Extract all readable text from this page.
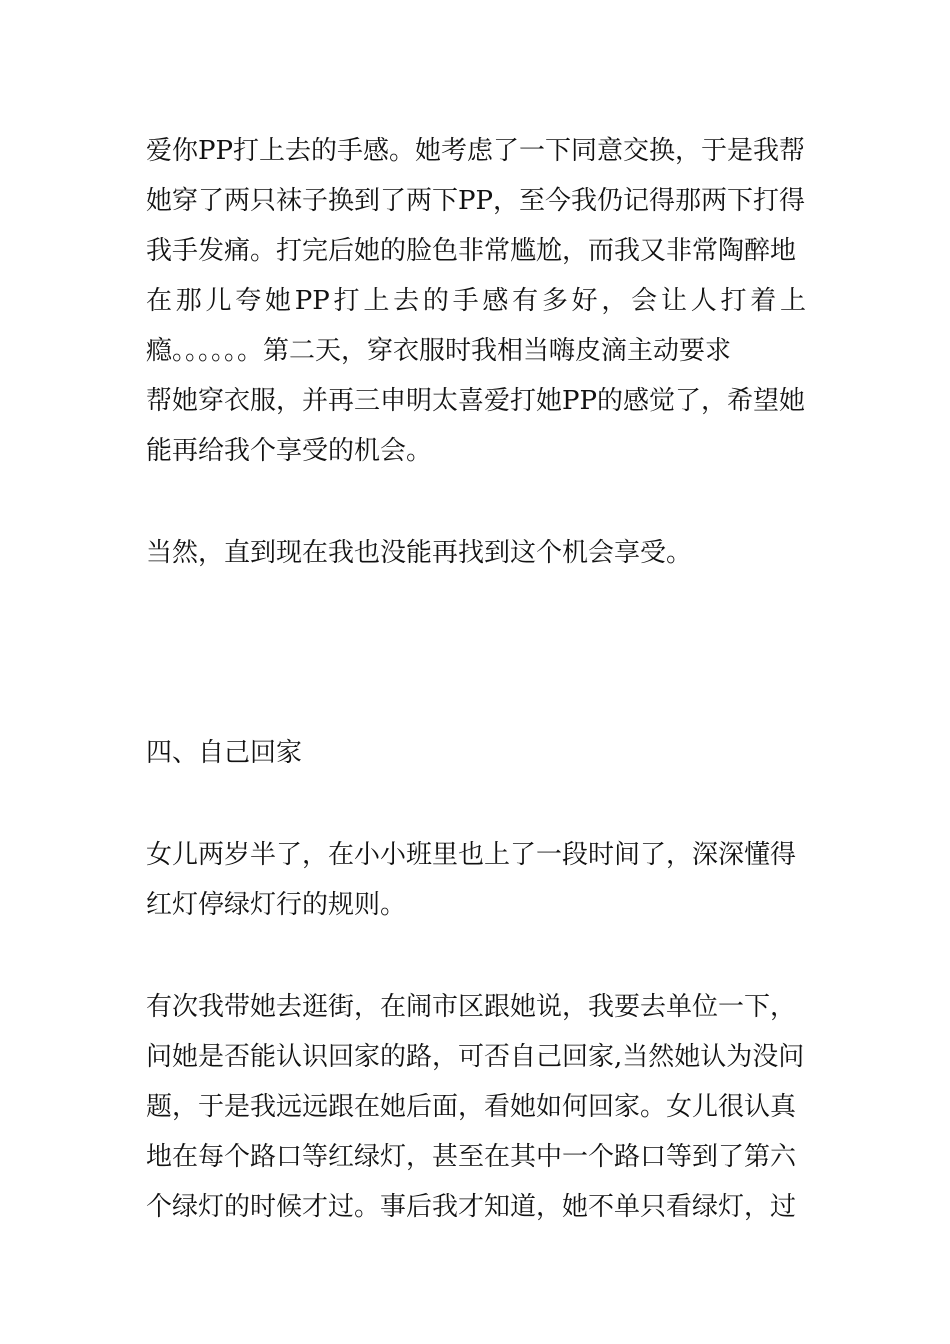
爱你PP打上去的手感。她考虑了一下同意交换，于是我帮
她穿了两只袜子换到了两下PP，至今我仍记得那两下打得
我手发痛。打完后她的脸色非常尴尬，而我又非常陶醉地
在那儿夸她PP打上去的手感有多好，会让人打着上
瘾。。。。。。第二天，穿衣服时我相当嗨皮滴主动要求
帮她穿衣服，并再三申明太喜爱打她PP的感觉了，希望她
能再给我个享受的机会。

当然，直到现在我也没能再找到这个机会享受。

四、自己回家

女儿两岁半了，在小小班里也上了一段时间了，深深懂得
红灯停绿灯行的规则。

有次我带她去逛街，在闹市区跟她说，我要去单位一下，
问她是否能认识回家的路，可否自己回家,当然她认为没问
题，于是我远远跟在她后面，看她如何回家。女儿很认真
地在每个路口等红绿灯，甚至在其中一个路口等到了第六
个绿灯的时候才过。事后我才知道，她不单只看绿灯，过
